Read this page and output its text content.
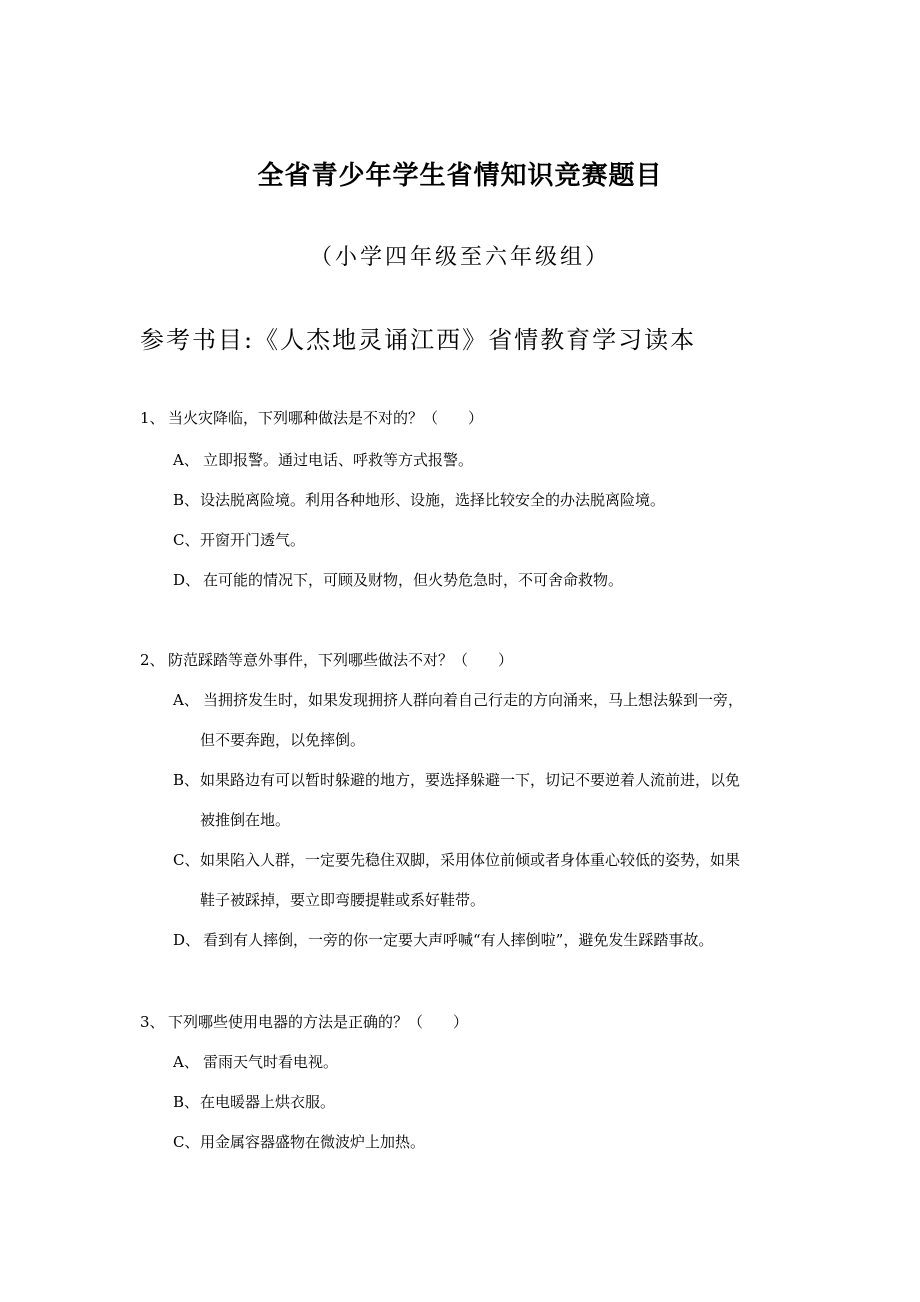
全省青少年学生省情知识竞赛题目
（小学四年级至六年级组）
参考书目:《人杰地灵诵江西》省情教育学习读本
1、 当火灾降临，下列哪种做法是不对的？（　　）
A、 立即报警。通过电话、呼救等方式报警。
B、设法脱离险境。利用各种地形、设施，选择比较安全的办法脱离险境。
C、开窗开门透气。
D、 在可能的情况下，可顾及财物，但火势危急时，不可舍命救物。
2、 防范踩踏等意外事件，下列哪些做法不对？（　　）
A、 当拥挤发生时，如果发现拥挤人群向着自己行走的方向涌来，马上想法躲到一旁，
但不要奔跑，以免摔倒。
B、如果路边有可以暂时躲避的地方，要选择躲避一下，切记不要逆着人流前进，以免
被推倒在地。
C、如果陷入人群，一定要先稳住双脚，采用体位前倾或者身体重心较低的姿势，如果
鞋子被踩掉，要立即弯腰提鞋或系好鞋带。
D、 看到有人摔倒，一旁的你一定要大声呼喊“有人摔倒啦”，避免发生踩踏事故。
3、 下列哪些使用电器的方法是正确的？（　　）
A、 雷雨天气时看电视。
B、在电暖器上烘衣服。
C、用金属容器盛物在微波炉上加热。
